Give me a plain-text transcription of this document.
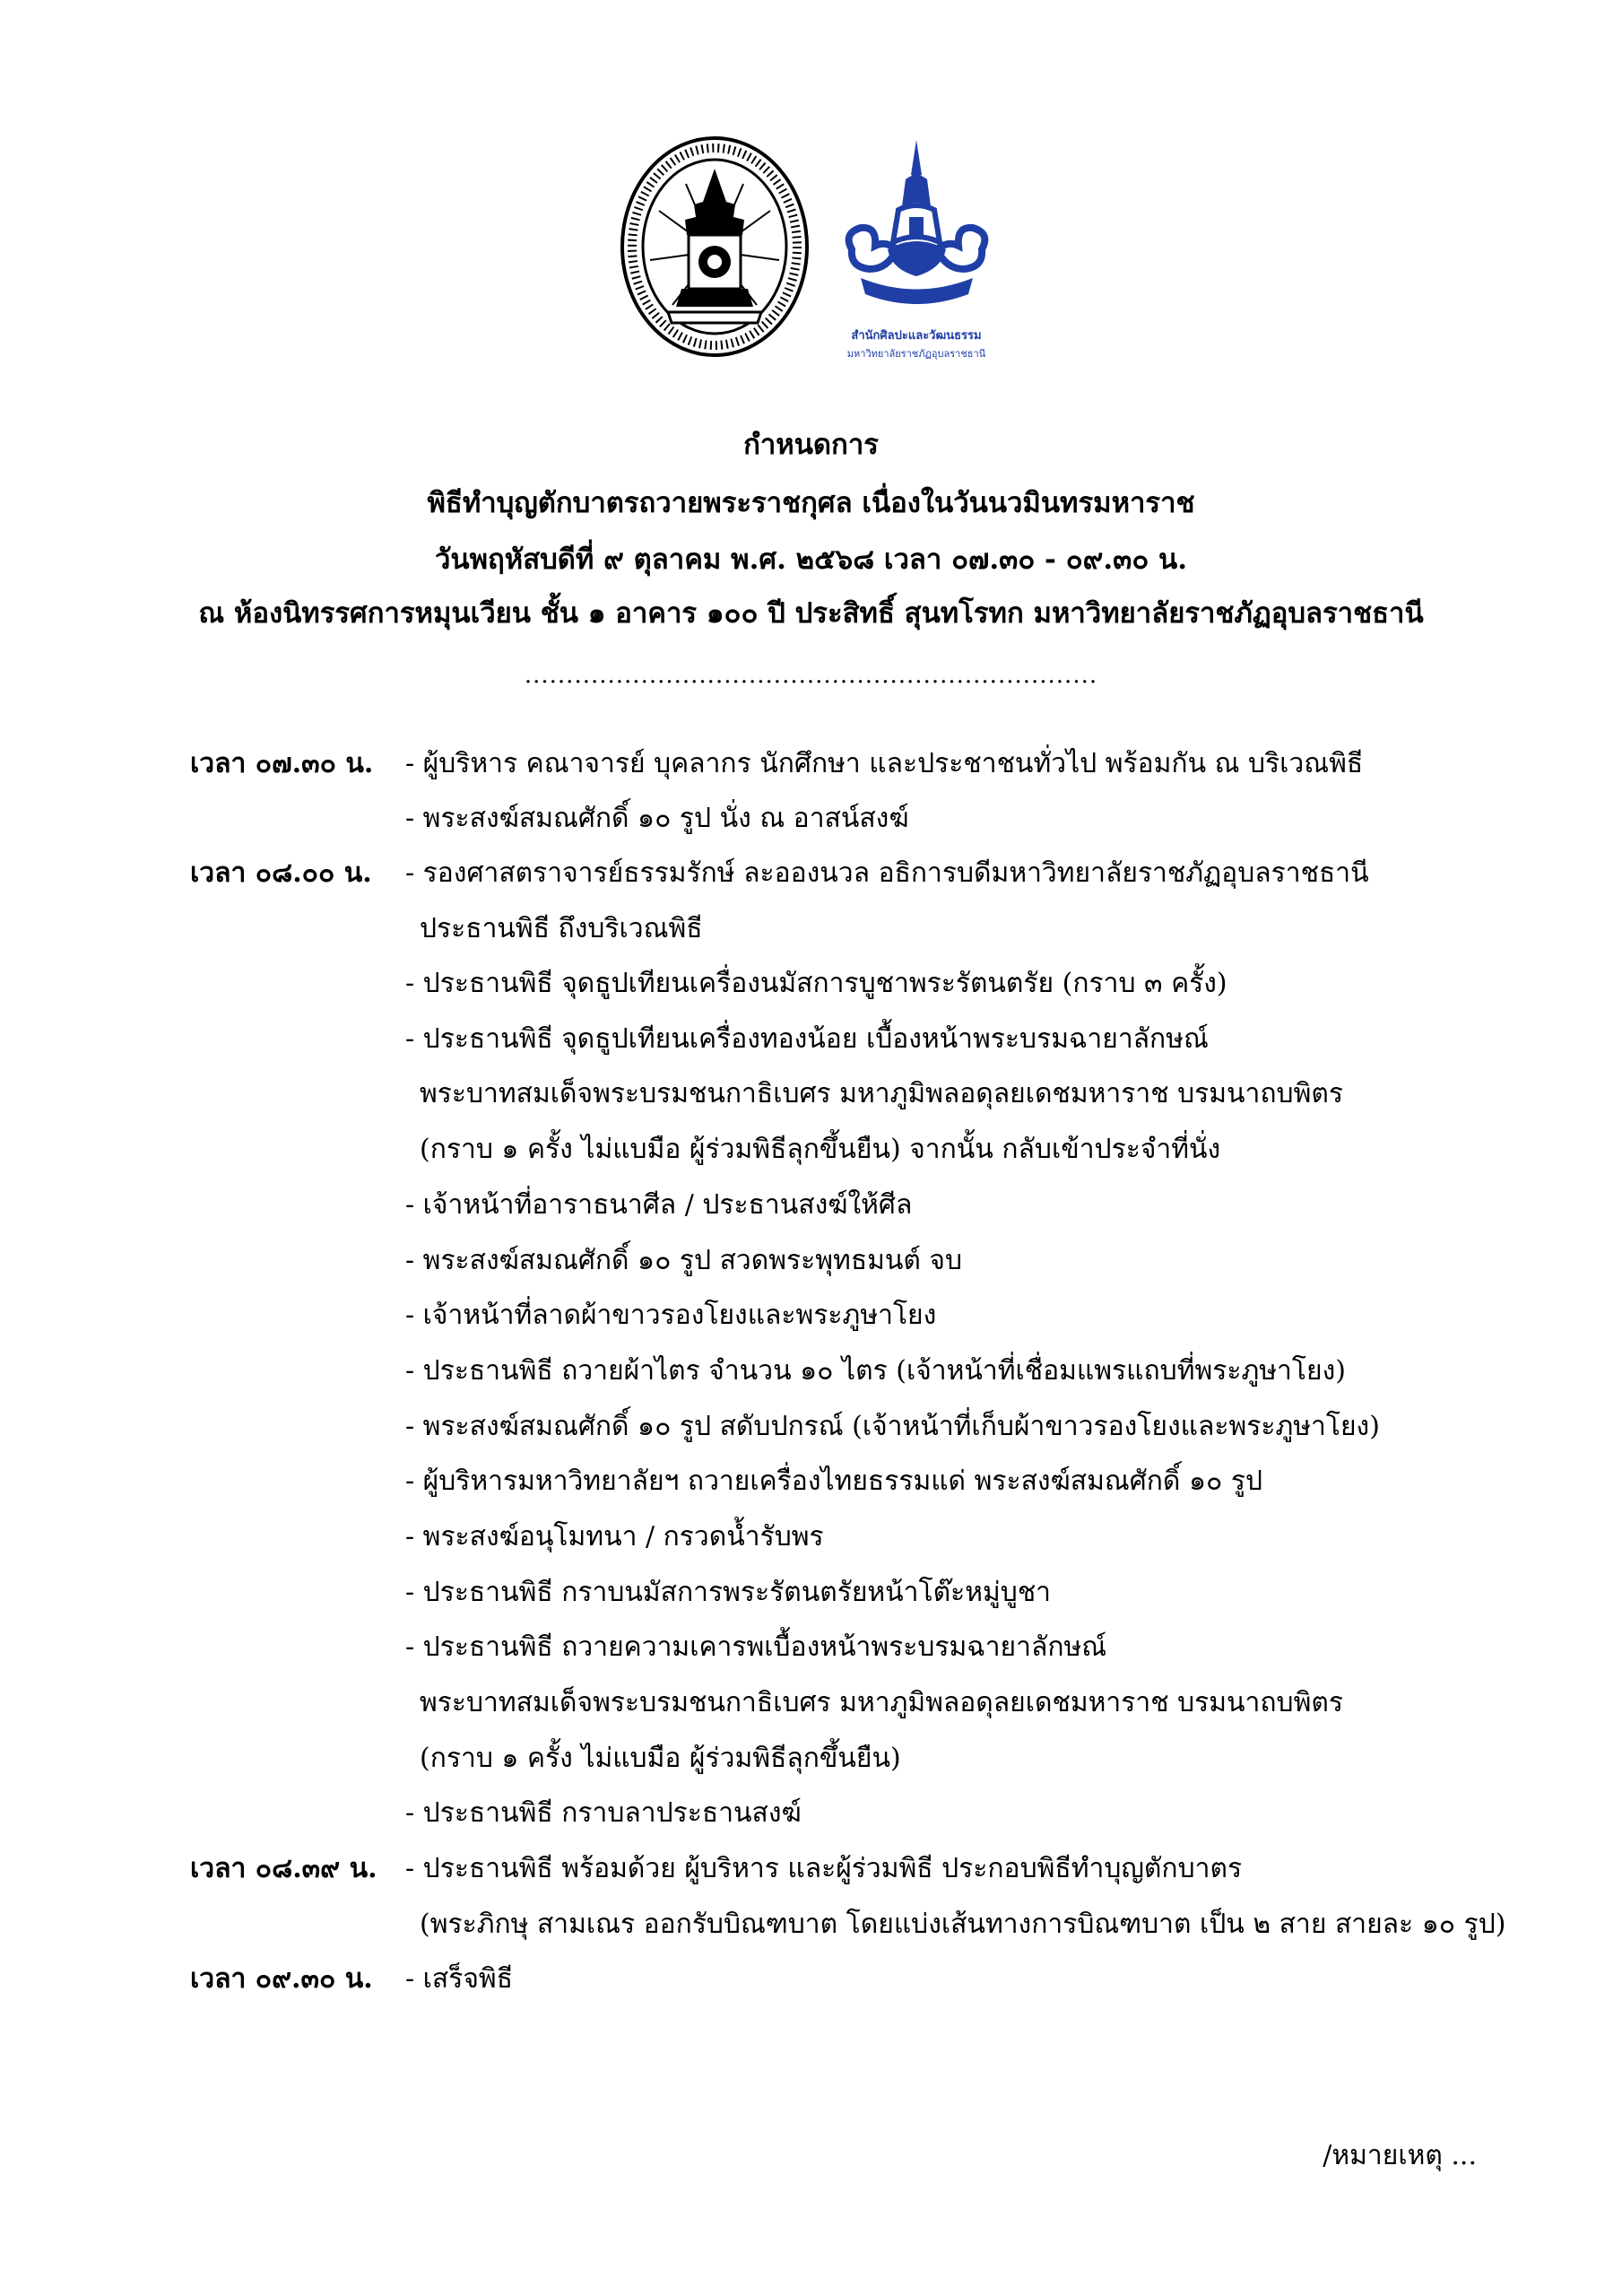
สำนักศิลปะและวัฒนธรรม
มหาวิทยาลัยราชภัฏอุบลราชธานี
กำหนดการ
พิธีทำบุญตักบาตรถวายพระราชกุศล เนื่องในวันนวมินทรมหาราช
วันพฤหัสบดีที่ ๙ ตุลาคม พ.ศ. ๒๕๖๘ เวลา ๐๗.๓๐ - ๐๙.๓๐ น.
ณ ห้องนิทรรศการหมุนเวียน ชั้น ๑ อาคาร ๑๐๐ ปี ประสิทธิ์ สุนทโรทก มหาวิทยาลัยราชภัฏอุบลราชธานี
.....................................................................
เวลา ๐๗.๓๐ น. - ผู้บริหาร คณาจารย์ บุคลากร นักศึกษา และประชาชนทั่วไป พร้อมกัน ณ บริเวณพิธี
- พระสงฆ์สมณศักดิ์ ๑๐ รูป นั่ง ณ อาสน์สงฆ์
เวลา ๐๘.๐๐ น. - รองศาสตราจารย์ธรรมรักษ์ ละอองนวล อธิการบดีมหาวิทยาลัยราชภัฏอุบลราชธานี
ประธานพิธี ถึงบริเวณพิธี
- ประธานพิธี จุดธูปเทียนเครื่องนมัสการบูชาพระรัตนตรัย (กราบ ๓ ครั้ง)
- ประธานพิธี จุดธูปเทียนเครื่องทองน้อย เบื้องหน้าพระบรมฉายาลักษณ์
พระบาทสมเด็จพระบรมชนกาธิเบศร มหาภูมิพลอดุลยเดชมหาราช บรมนาถบพิตร
(กราบ ๑ ครั้ง ไม่แบมือ ผู้ร่วมพิธีลุกขึ้นยืน) จากนั้น กลับเข้าประจำที่นั่ง
- เจ้าหน้าที่อาราธนาศีล / ประธานสงฆ์ให้ศีล
- พระสงฆ์สมณศักดิ์ ๑๐ รูป สวดพระพุทธมนต์ จบ
- เจ้าหน้าที่ลาดผ้าขาวรองโยงและพระภูษาโยง
- ประธานพิธี ถวายผ้าไตร จำนวน ๑๐ ไตร (เจ้าหน้าที่เชื่อมแพรแถบที่พระภูษาโยง)
- พระสงฆ์สมณศักดิ์ ๑๐ รูป สดับปกรณ์ (เจ้าหน้าที่เก็บผ้าขาวรองโยงและพระภูษาโยง)
- ผู้บริหารมหาวิทยาลัยฯ ถวายเครื่องไทยธรรมแด่ พระสงฆ์สมณศักดิ์ ๑๐ รูป
- พระสงฆ์อนุโมทนา / กรวดน้ำรับพร
- ประธานพิธี กราบนมัสการพระรัตนตรัยหน้าโต๊ะหมู่บูชา
- ประธานพิธี ถวายความเคารพเบื้องหน้าพระบรมฉายาลักษณ์
พระบาทสมเด็จพระบรมชนกาธิเบศร มหาภูมิพลอดุลยเดชมหาราช บรมนาถบพิตร
(กราบ ๑ ครั้ง ไม่แบมือ ผู้ร่วมพิธีลุกขึ้นยืน)
- ประธานพิธี กราบลาประธานสงฆ์
เวลา ๐๘.๓๙ น. - ประธานพิธี พร้อมด้วย ผู้บริหาร และผู้ร่วมพิธี ประกอบพิธีทำบุญตักบาตร
(พระภิกษุ สามเณร ออกรับบิณฑบาต โดยแบ่งเส้นทางการบิณฑบาต เป็น ๒ สาย สายละ ๑๐ รูป)
เวลา ๐๙.๓๐ น. - เสร็จพิธี
/หมายเหตุ ...
